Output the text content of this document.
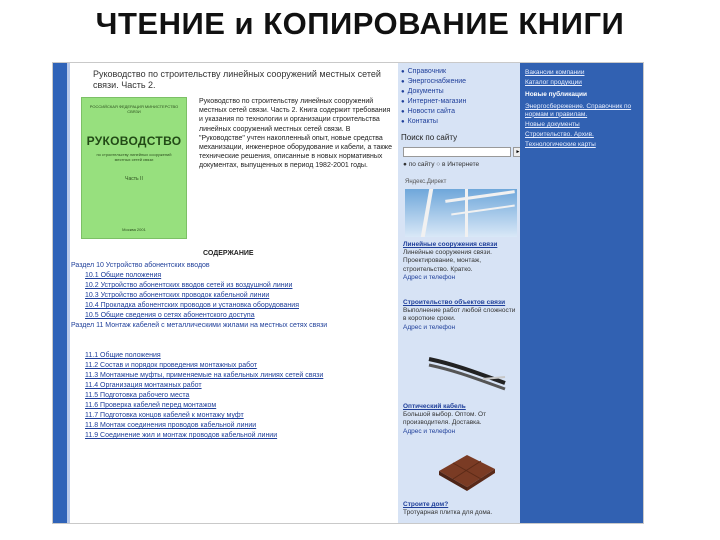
ЧТЕНИЕ и КОПИРОВАНИЕ КНИГИ
Руководство по строительству линейных сооружений местных сетей связи. Часть 2.
РОССИЙСКАЯ ФЕДЕРАЦИЯ МИНИСТЕРСТВО СВЯЗИ
РУКОВОДСТВО
по строительству линейных сооружений местных сетей связи
Часть II
Москва 2001
Руководство по строительству линейных сооружений местных сетей связи. Часть 2. Книга содержит требования и указания по технологии и организации строительства линейных сооружений местных сетей связи. В "Руководстве" учтен накопленный опыт, новые средства механизации, инженерное оборудование и кабели, а также технические решения, описанные в новых нормативных документах, выпущенных в период 1982-2001 годы.
СОДЕРЖАНИЕ
Раздел 10 Устройство абонентских вводов
10.1 Общие положения
10.2 Устройство абонентских вводов сетей из воздушной линии
10.3 Устройство абонентских проводок кабельной линии
10.4 Прокладка абонентских проводов и установка оборудования
10.5 Общие сведения о сетях абонентского доступа
Раздел 11 Монтаж кабелей с металлическими жилами на местных сетях связи
11.1 Общие положения
11.2 Состав и порядок проведения монтажных работ
11.3 Монтажные муфты, применяемые на кабельных линиях сетей связи
11.4 Организация монтажных работ
11.5 Подготовка рабочего места
11.6 Проверка кабелей перед монтажом
11.7 Подготовка концов кабелей к монтажу муфт
11.8 Монтаж соединения проводов кабельной линии
11.9 Соединение жил и монтаж проводов кабельной линии
● Справочник
● Энергоснабжение
● Документы
● Интернет-магазин
● Новости сайта
● Контакты
Поиск по сайту
►
● по сайту ○ в Интернете
Яндекс.Директ
Линейные сооружения связи
Линейные сооружения связи. Проектирование, монтаж, строительство. Кратко.
Адрес и телефон
Строительство объектов связи
Выполнение работ любой сложности в короткие сроки.
Адрес и телефон
Оптический кабель
Большой выбор. Оптом. От производителя. Доставка.
Адрес и телефон
Строите дом?
Тротуарная плитка для дома.
Вакансии компании
Каталог продукции
Новые публикации
Энергосбережение. Справочник по нормам и правилам.
Новые документы
Строительство. Архив.
Технологические карты
